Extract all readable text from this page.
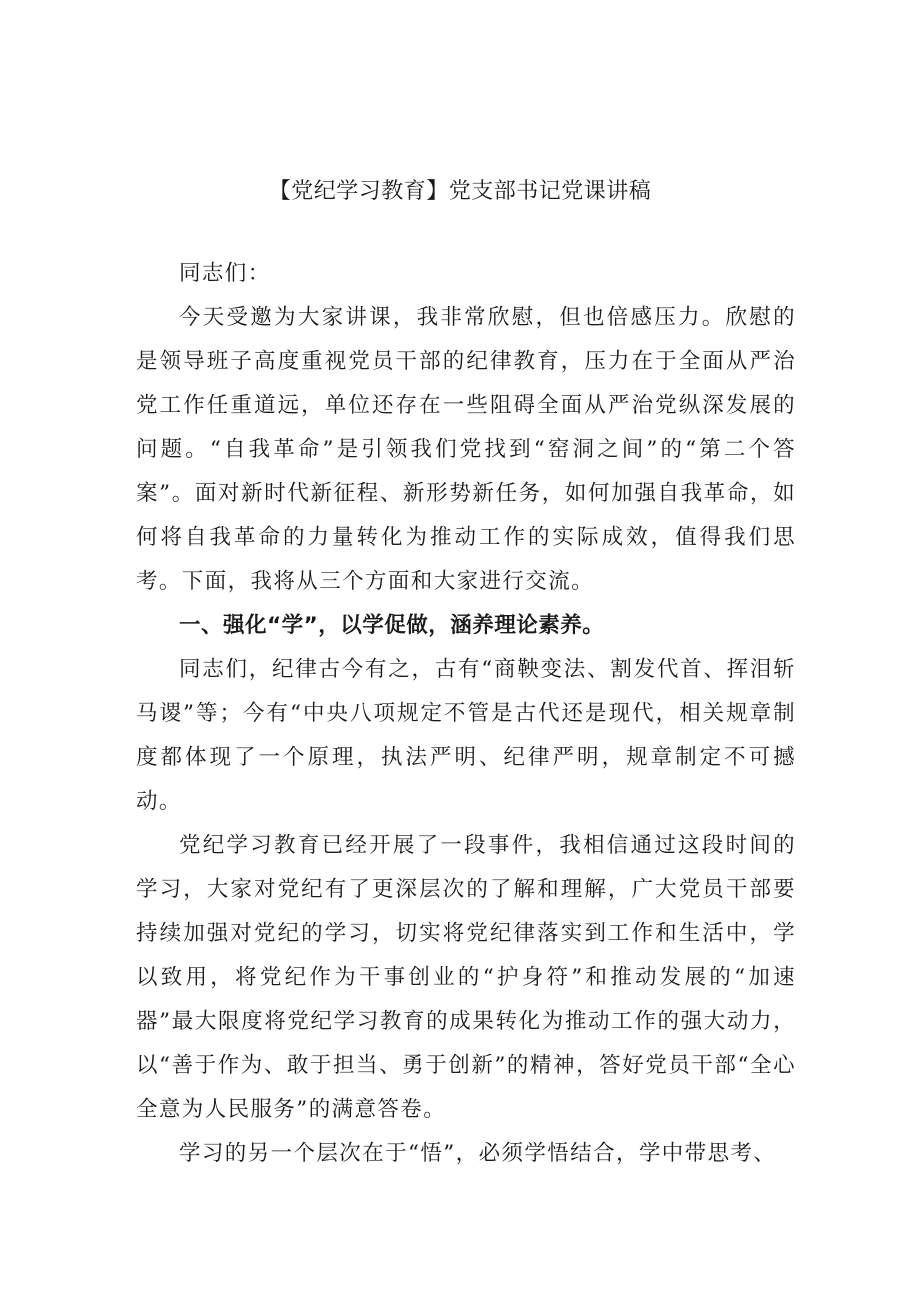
【党纪学习教育】党支部书记党课讲稿

同志们：

今天受邀为大家讲课，我非常欣慰，但也倍感压力。欣慰的是领导班子高度重视党员干部的纪律教育，压力在于全面从严治党工作任重道远，单位还存在一些阻碍全面从严治党纵深发展的问题。“自我革命”是引领我们党找到“窑洞之间”的“第二个答案”。面对新时代新征程、新形势新任务，如何加强自我革命，如何将自我革命的力量转化为推动工作的实际成效，值得我们思考。下面，我将从三个方面和大家进行交流。

一、强化“学”，以学促做，涵养理论素养。

同志们，纪律古今有之，古有“商鞅变法、割发代首、挥泪斩马谡”等；今有“中央八项规定不管是古代还是现代，相关规章制度都体现了一个原理，执法严明、纪律严明，规章制定不可撼动。

党纪学习教育已经开展了一段事件，我相信通过这段时间的学习，大家对党纪有了更深层次的了解和理解，广大党员干部要持续加强对党纪的学习，切实将党纪律落实到工作和生活中，学以致用，将党纪作为干事创业的“护身符”和推动发展的“加速器”最大限度将党纪学习教育的成果转化为推动工作的强大动力，以“善于作为、敢于担当、勇于创新”的精神，答好党员干部“全心全意为人民服务”的满意答卷。

学习的另一个层次在于“悟”，必须学悟结合，学中带思考、
